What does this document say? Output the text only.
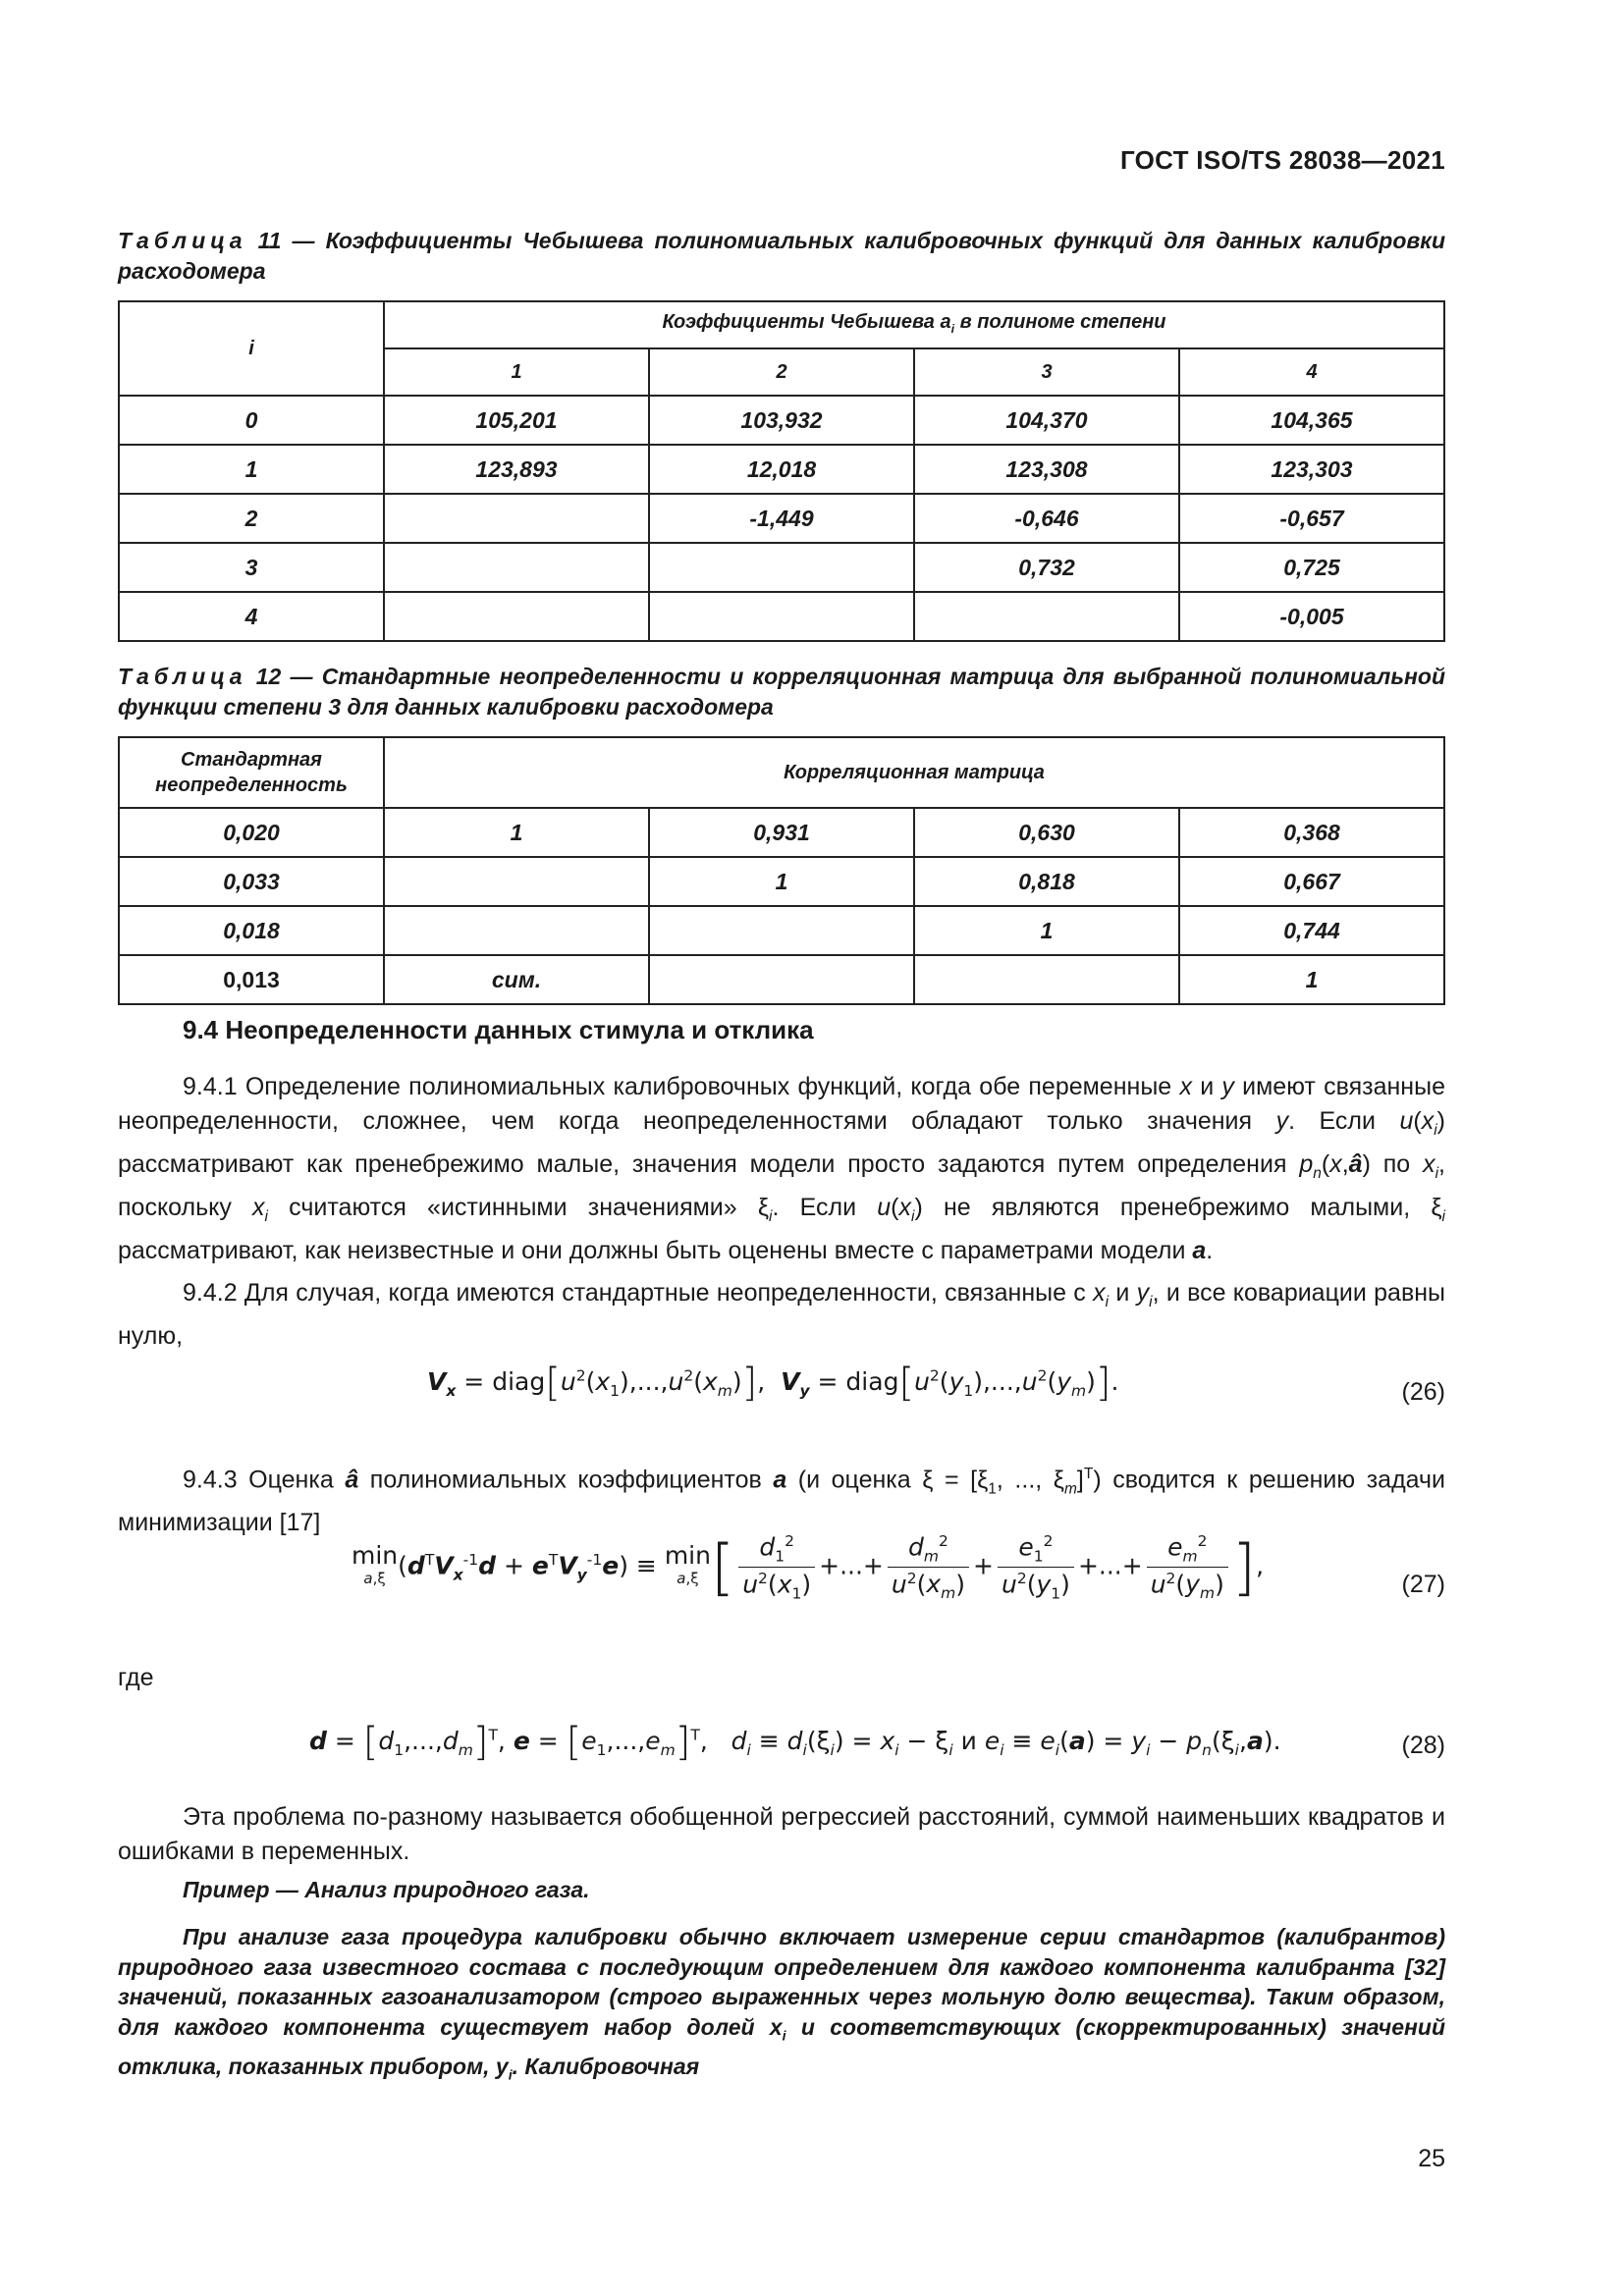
ГОСТ ISO/TS 28038—2021
Таблица 11 — Коэффициенты Чебышева полиномиальных калибровочных функций для данных калибровки расходомера
i	Коэффициенты Чебышева $a_i$ в полиноме степени			
	1	2	3	4
0	105,201	103,932	104,370	104,365
1	123,893	12,018	123,308	123,303
2		-1,449	-0,646	-0,657
3			0,732	0,725
4				-0,005
Таблица 12 — Стандартные неопределенности и корреляционная матрица для выбранной полиномиальной функции степени 3 для данных калибровки расходомера
Стандартная неопределенность	Корреляционная матрица			
0,020	1	0,931	0,630	0,368
0,033		1	0,818	0,667
0,018			1	0,744
0,013	сим.			1
9.4 Неопределенности данных стимула и отклика
9.4.1 Определение полиномиальных калибровочных функций, когда обе переменные x и y имеют связанные неопределенности, сложнее, чем когда неопределенностями обладают только значения y. Если $u(x_i)$ рассматривают как пренебрежимо малые, значения модели просто задаются путем определения $p_n(x,â)$ по $x_i$, поскольку $x_i$ считаются «истинными значениями» $\xi_i$. Если $u(x_i)$ не являются пренебрежимо малыми, $\xi_i$ рассматривают, как неизвестные и они должны быть оценены вместе с параметрами модели a.
9.4.2 Для случая, когда имеются стандартные неопределенности, связанные с $x_i$ и $y_i$, и все ковариации равны нулю,
$V_x$ = $diag[u^2(x_1),...,u^2(x_m)]$,  $V_y$ = $diag[u^2(y_1),...,u^2(y_m)]$.	(26)
9.4.3 Оценка â полиномиальных коэффициентов a (и оценка $\xi = [\xi_1$, ..., $\xi_m]^T$) сводится к решению задачи минимизации [17]
min
a,ξ $(d^TV_x^{-1}d + e^TV_y^{-1}e) \equiv \min$
a,ξ [ $\frac{d_1^2}{u^2(x_1)}$ +...+ $\frac{d_m^2}{u^2(x_m)} + \frac{e_1^2}{u^2(y_1)}$ +...+ $\frac{e_m^2}{u^2(y_m)}$ ],
(27)
где
$d = [d_1,...,d_m]^T$, $e = [e_1,...,e_m]^T$,   $d_i \equiv d_i(\xi_i) = x_i - \xi_i$ и $e_i \equiv e_i(a) = y_i - p_n(\xi_i,a)$.	(28)
Эта проблема по-разному называется обобщенной регрессией расстояний, суммой наименьших квадратов и ошибками в переменных.
Пример — Анализ природного газа.
При анализе газа процедура калибровки обычно включает измерение серии стандартов (калибрантов) природного газа известного состава с последующим определением для каждого компонента калибранта [32] значений, показанных газоанализатором (строго выраженных через мольную долю вещества). Таким образом, для каждого компонента существует набор долей $x_i$ и соответствующих (скорректированных) значений отклика, показанных прибором, $y_i$. Калибровочная
25
